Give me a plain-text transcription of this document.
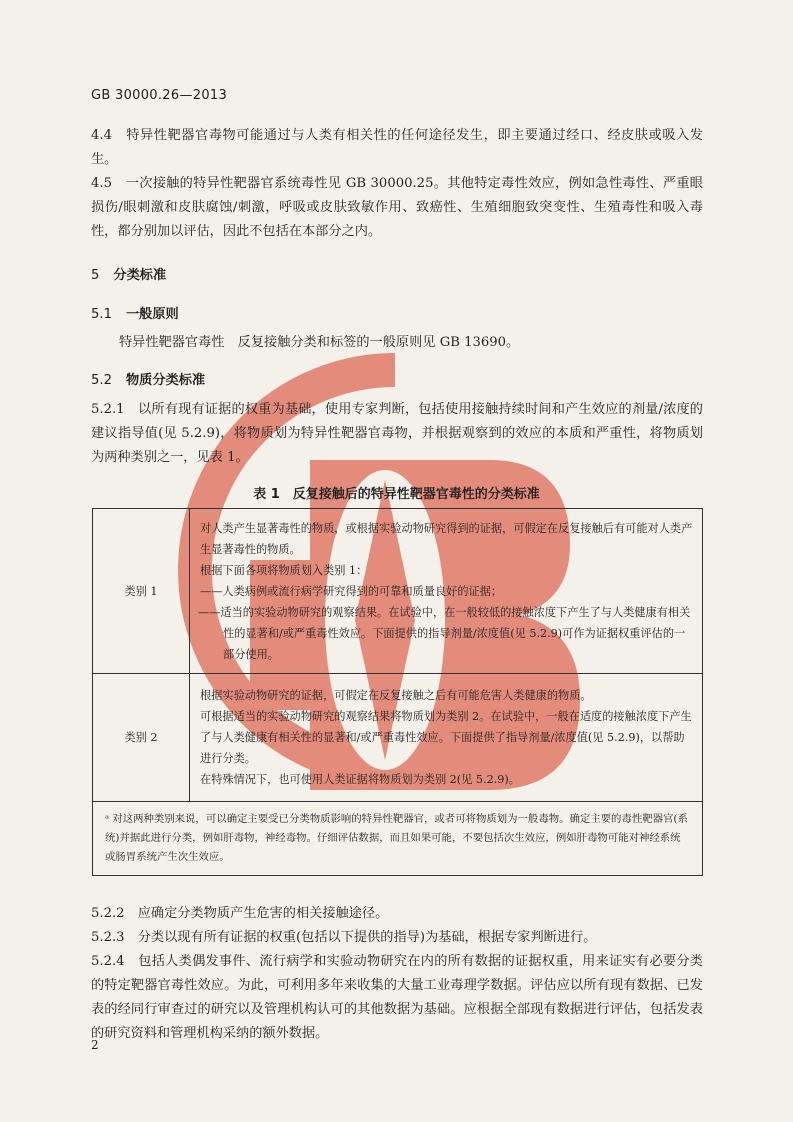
GB 30000.26—2013
4.4　特异性靶器官毒物可能通过与人类有相关性的任何途径发生，即主要通过经口、经皮肤或吸入发生。
4.5　一次接触的特异性靶器官系统毒性见 GB 30000.25。其他特定毒性效应，例如急性毒性、严重眼损伤/眼刺激和皮肤腐蚀/刺激，呼吸或皮肤致敏作用、致癌性、生殖细胞致突变性、生殖毒性和吸入毒性，都分别加以评估，因此不包括在本部分之内。
5 分类标准
5.1 一般原则
特异性靶器官毒性　反复接触分类和标签的一般原则见 GB 13690。
5.2 物质分类标准
5.2.1　以所有现有证据的权重为基础，使用专家判断，包括使用接触持续时间和产生效应的剂量/浓度的建议指导值(见 5.2.9)，将物质划为特异性靶器官毒物，并根据观察到的效应的本质和严重性，将物质划为两种类别之一，见表 1。
表 1　反复接触后的特异性靶器官毒性的分类标准
类别 1	对人类产生显著毒性的物质，或根据实验动物研究得到的证据，可假定在反复接触后有可能对人类产生显著毒性的物质。
根据下面各项将物质划入类别 1：
——人类病例或流行病学研究得到的可靠和质量良好的证据；
——适当的实验动物研究的观察结果。在试验中，在一般较低的接触浓度下产生了与人类健康有相关性的显著和/或严重毒性效应。下面提供的指导剂量/浓度值(见 5.2.9)可作为证据权重评估的一部分使用。

类别 2	根据实验动物研究的证据，可假定在反复接触之后有可能危害人类健康的物质。
可根据适当的实验动物研究的观察结果将物质划为类别 2。在试验中，一般在适度的接触浓度下产生了与人类健康有相关性的显著和/或严重毒性效应。下面提供了指导剂量/浓度值(见 5.2.9)，以帮助进行分类。
在特殊情况下，也可使用人类证据将物质划为类别 2(见 5.2.9)。

ᵃ 对这两种类别来说，可以确定主要受已分类物质影响的特异性靶器官，或者可将物质划为一般毒物。确定主要的毒性靶器官(系统)并据此进行分类，例如肝毒物，神经毒物。仔细评估数据，而且如果可能，不要包括次生效应，例如肝毒物可能对神经系统或肠胃系统产生次生效应。	
5.2.2　应确定分类物质产生危害的相关接触途径。
5.2.3　分类以现有所有证据的权重(包括以下提供的指导)为基础，根据专家判断进行。
5.2.4　包括人类偶发事件、流行病学和实验动物研究在内的所有数据的证据权重，用来证实有必要分类的特定靶器官毒性效应。为此，可利用多年来收集的大量工业毒理学数据。评估应以所有现有数据、已发表的经同行审查过的研究以及管理机构认可的其他数据为基础。应根据全部现有数据进行评估，包括发表的研究资料和管理机构采纳的额外数据。
2
